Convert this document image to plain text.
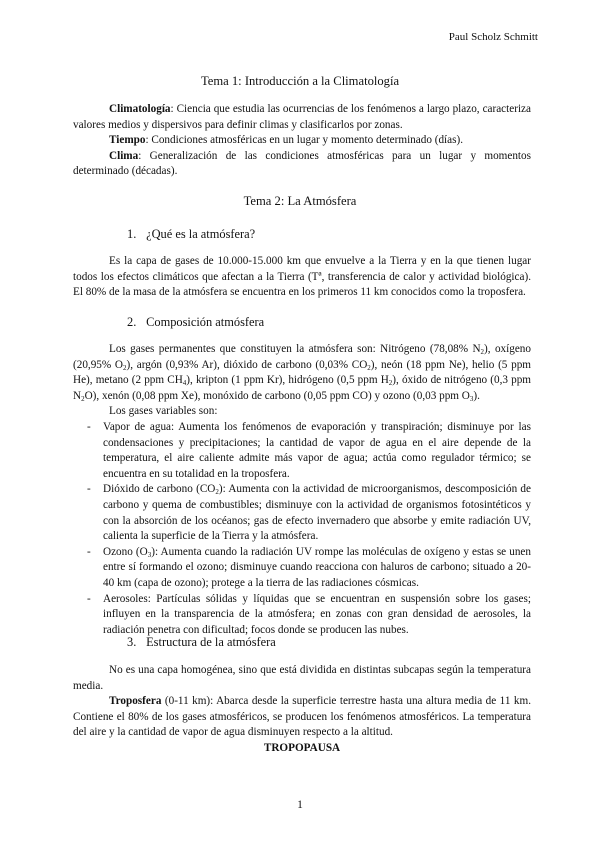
Paul Scholz Schmitt
Tema 1: Introducción a la Climatología

Climatología: Ciencia que estudia las ocurrencias de los fenómenos a largo plazo, caracteriza valores medios y dispersivos para definir climas y clasificarlos por zonas.

Tiempo: Condiciones atmosféricas en un lugar y momento determinado (días).

Clima: Generalización de las condiciones atmosféricas para un lugar y momentos determinado (décadas).

Tema 2: La Atmósfera
1. ¿Qué es la atmósfera?

Es la capa de gases de 10.000-15.000 km que envuelve a la Tierra y en la que tienen lugar todos los efectos climáticos que afectan a la Tierra (Tª, transferencia de calor y actividad biológica). El 80% de la masa de la atmósfera se encuentra en los primeros 11 km conocidos como la troposfera.

2. Composición atmósfera

Los gases permanentes que constituyen la atmósfera son: Nitrógeno (78,08% $N_2$), oxígeno (20,95% $O_2$), argón (0,93% Ar), dióxido de carbono (0,03% $CO_2$), neón (18 ppm Ne), helio (5 ppm He), metano (2 ppm $CH_4$), kripton (1 ppm Kr), hidrógeno (0,5 ppm $H_2$), óxido de nitrógeno (0,3 ppm $N_2O$), xenón (0,08 ppm Xe), monóxido de carbono (0,05 ppm CO) y ozono (0,03 ppm $O_3$).

Los gases variables son:

- Vapor de agua: Aumenta los fenómenos de evaporación y transpiración; disminuye por las condensaciones y precipitaciones; la cantidad de vapor de agua en el aire depende de la temperatura, el aire caliente admite más vapor de agua; actúa como regulador térmico; se encuentra en su totalidad en la troposfera.
- Dióxido de carbono $(CO_2)$: Aumenta con la actividad de microorganismos, descomposición de carbono y quema de combustibles; disminuye con la actividad de organismos fotosintéticos y con la absorción de los océanos; gas de efecto invernadero que absorbe y emite radiación UV, calienta la superficie de la Tierra y la atmósfera.
- Ozono $(O_3)$: Aumenta cuando la radiación UV rompe las moléculas de oxígeno y estas se unen entre sí formando el ozono; disminuye cuando reacciona con haluros de carbono; situado a 20-40 km (capa de ozono); protege a la tierra de las radiaciones cósmicas.
- Aerosoles: Partículas sólidas y líquidas que se encuentran en suspensión sobre los gases; influyen en la transparencia de la atmósfera; en zonas con gran densidad de aerosoles, la radiación penetra con dificultad; focos donde se producen las nubes.
3. Estructura de la atmósfera

No es una capa homogénea, sino que está dividida en distintas subcapas según la temperatura media.

Troposfera (0-11 km): Abarca desde la superficie terrestre hasta una altura media de 11 km. Contiene el 80% de los gases atmosféricos, se producen los fenómenos atmosféricos. La temperatura del aire y la cantidad de vapor de agua disminuyen respecto a la altitud.

TROPOPAUSA

1
